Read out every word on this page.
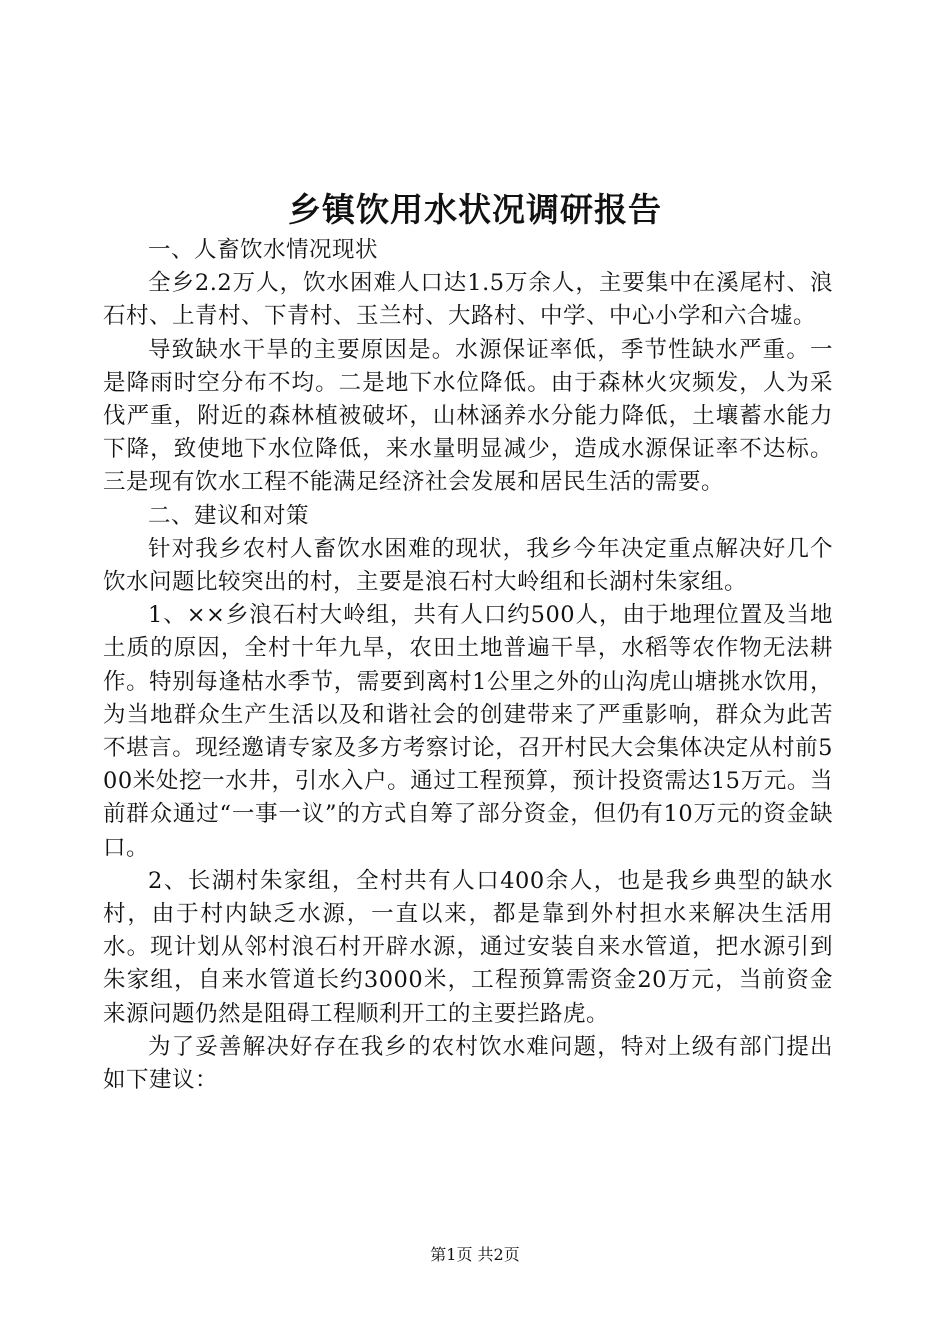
乡镇饮用水状况调研报告

一、人畜饮水情况现状

全乡2.2万人，饮水困难人口达1.5万余人，主要集中在溪尾村、浪石村、上青村、下青村、玉兰村、大路村、中学、中心小学和六合墟。

导致缺水干旱的主要原因是。水源保证率低，季节性缺水严重。一是降雨时空分布不均。二是地下水位降低。由于森林火灾频发，人为采伐严重，附近的森林植被破坏，山林涵养水分能力降低，土壤蓄水能力下降，致使地下水位降低，来水量明显减少，造成水源保证率不达标。三是现有饮水工程不能满足经济社会发展和居民生活的需要。

二、建议和对策

针对我乡农村人畜饮水困难的现状，我乡今年决定重点解决好几个饮水问题比较突出的村，主要是浪石村大岭组和长湖村朱家组。

1、××乡浪石村大岭组，共有人口约500人，由于地理位置及当地土质的原因，全村十年九旱，农田土地普遍干旱，水稻等农作物无法耕作。特别每逢枯水季节，需要到离村1公里之外的山沟虎山塘挑水饮用，为当地群众生产生活以及和谐社会的创建带来了严重影响，群众为此苦不堪言。现经邀请专家及多方考察讨论，召开村民大会集体决定从村前500米处挖一水井，引水入户。通过工程预算，预计投资需达15万元。当前群众通过“一事一议”的方式自筹了部分资金，但仍有10万元的资金缺口。

2、长湖村朱家组，全村共有人口400余人，也是我乡典型的缺水村，由于村内缺乏水源，一直以来，都是靠到外村担水来解决生活用水。现计划从邻村浪石村开辟水源，通过安装自来水管道，把水源引到朱家组，自来水管道长约3000米，工程预算需资金20万元，当前资金来源问题仍然是阻碍工程顺利开工的主要拦路虎。

为了妥善解决好存在我乡的农村饮水难问题，特对上级有部门提出如下建议：

第1页 共2页
